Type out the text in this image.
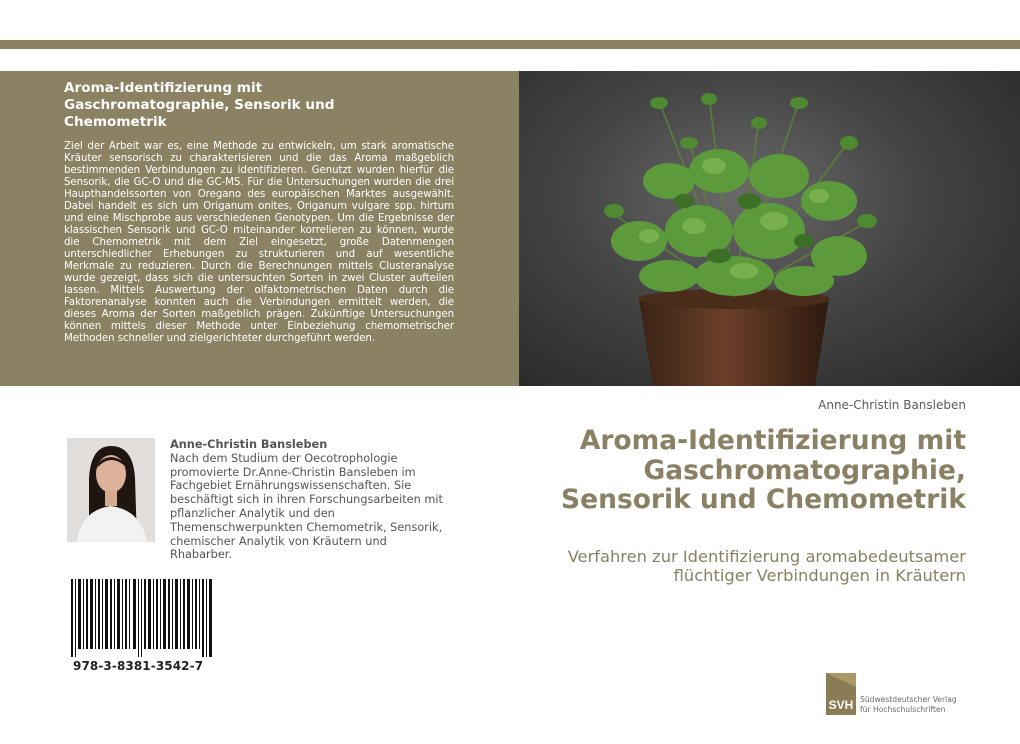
Aroma-Identifizierung mit Gaschromatographie, Sensorik und Chemometrik

Ziel der Arbeit war es, eine Methode zu entwickeln, um stark aromatische Kräuter sensorisch zu charakterisieren und die das Aroma maßgeblich bestimmenden Verbindungen zu identifizieren. Genutzt wurden hierfür die Sensorik, die GC-O und die GC-MS. Für die Untersuchungen wurden die drei Haupthandelssorten von Oregano des europäischen Marktes ausgewählt. Dabei handelt es sich um Origanum onites, Origanum vulgare spp. hirtum und eine Mischprobe aus verschiedenen Genotypen. Um die Ergebnisse der klassischen Sensorik und GC-O miteinander korrelieren zu können, wurde die Chemometrik mit dem Ziel eingesetzt, große Datenmengen unterschiedlicher Erhebungen zu strukturieren und auf wesentliche Merkmale zu reduzieren. Durch die Berechnungen mittels Clusteranalyse wurde gezeigt, dass sich die untersuchten Sorten in zwei Cluster aufteilen lassen. Mittels Auswertung der olfaktometrischen Daten durch die Faktorenanalyse konnten auch die Verbindungen ermittelt werden, die dieses Aroma der Sorten maßgeblich prägen. Zukünftige Untersuchungen können mittels dieser Methode unter Einbeziehung chemometrischer Methoden schneller und zielgerichteter durchgeführt werden.

Anne-Christin Bansleben
Aroma-Identifizierung mit Gaschromatographie, Sensorik und Chemometrik
Verfahren zur Identifizierung aromabedeutsamer flüchtiger Verbindungen in Kräutern
Anne-Christin Bansleben
Nach dem Studium der Oecotrophologie promovierte Dr.Anne-Christin Bansleben im Fachgebiet Ernährungswissenschaften. Sie beschäftigt sich in ihren Forschungsarbeiten mit pflanzlicher Analytik und den Themenschwerpunkten Chemometrik, Sensorik, chemischer Analytik von Kräutern und Rhabarber.
978-3-8381-3542-7
SVH Südwestdeutscher Verlag
für Hochschulschriften
